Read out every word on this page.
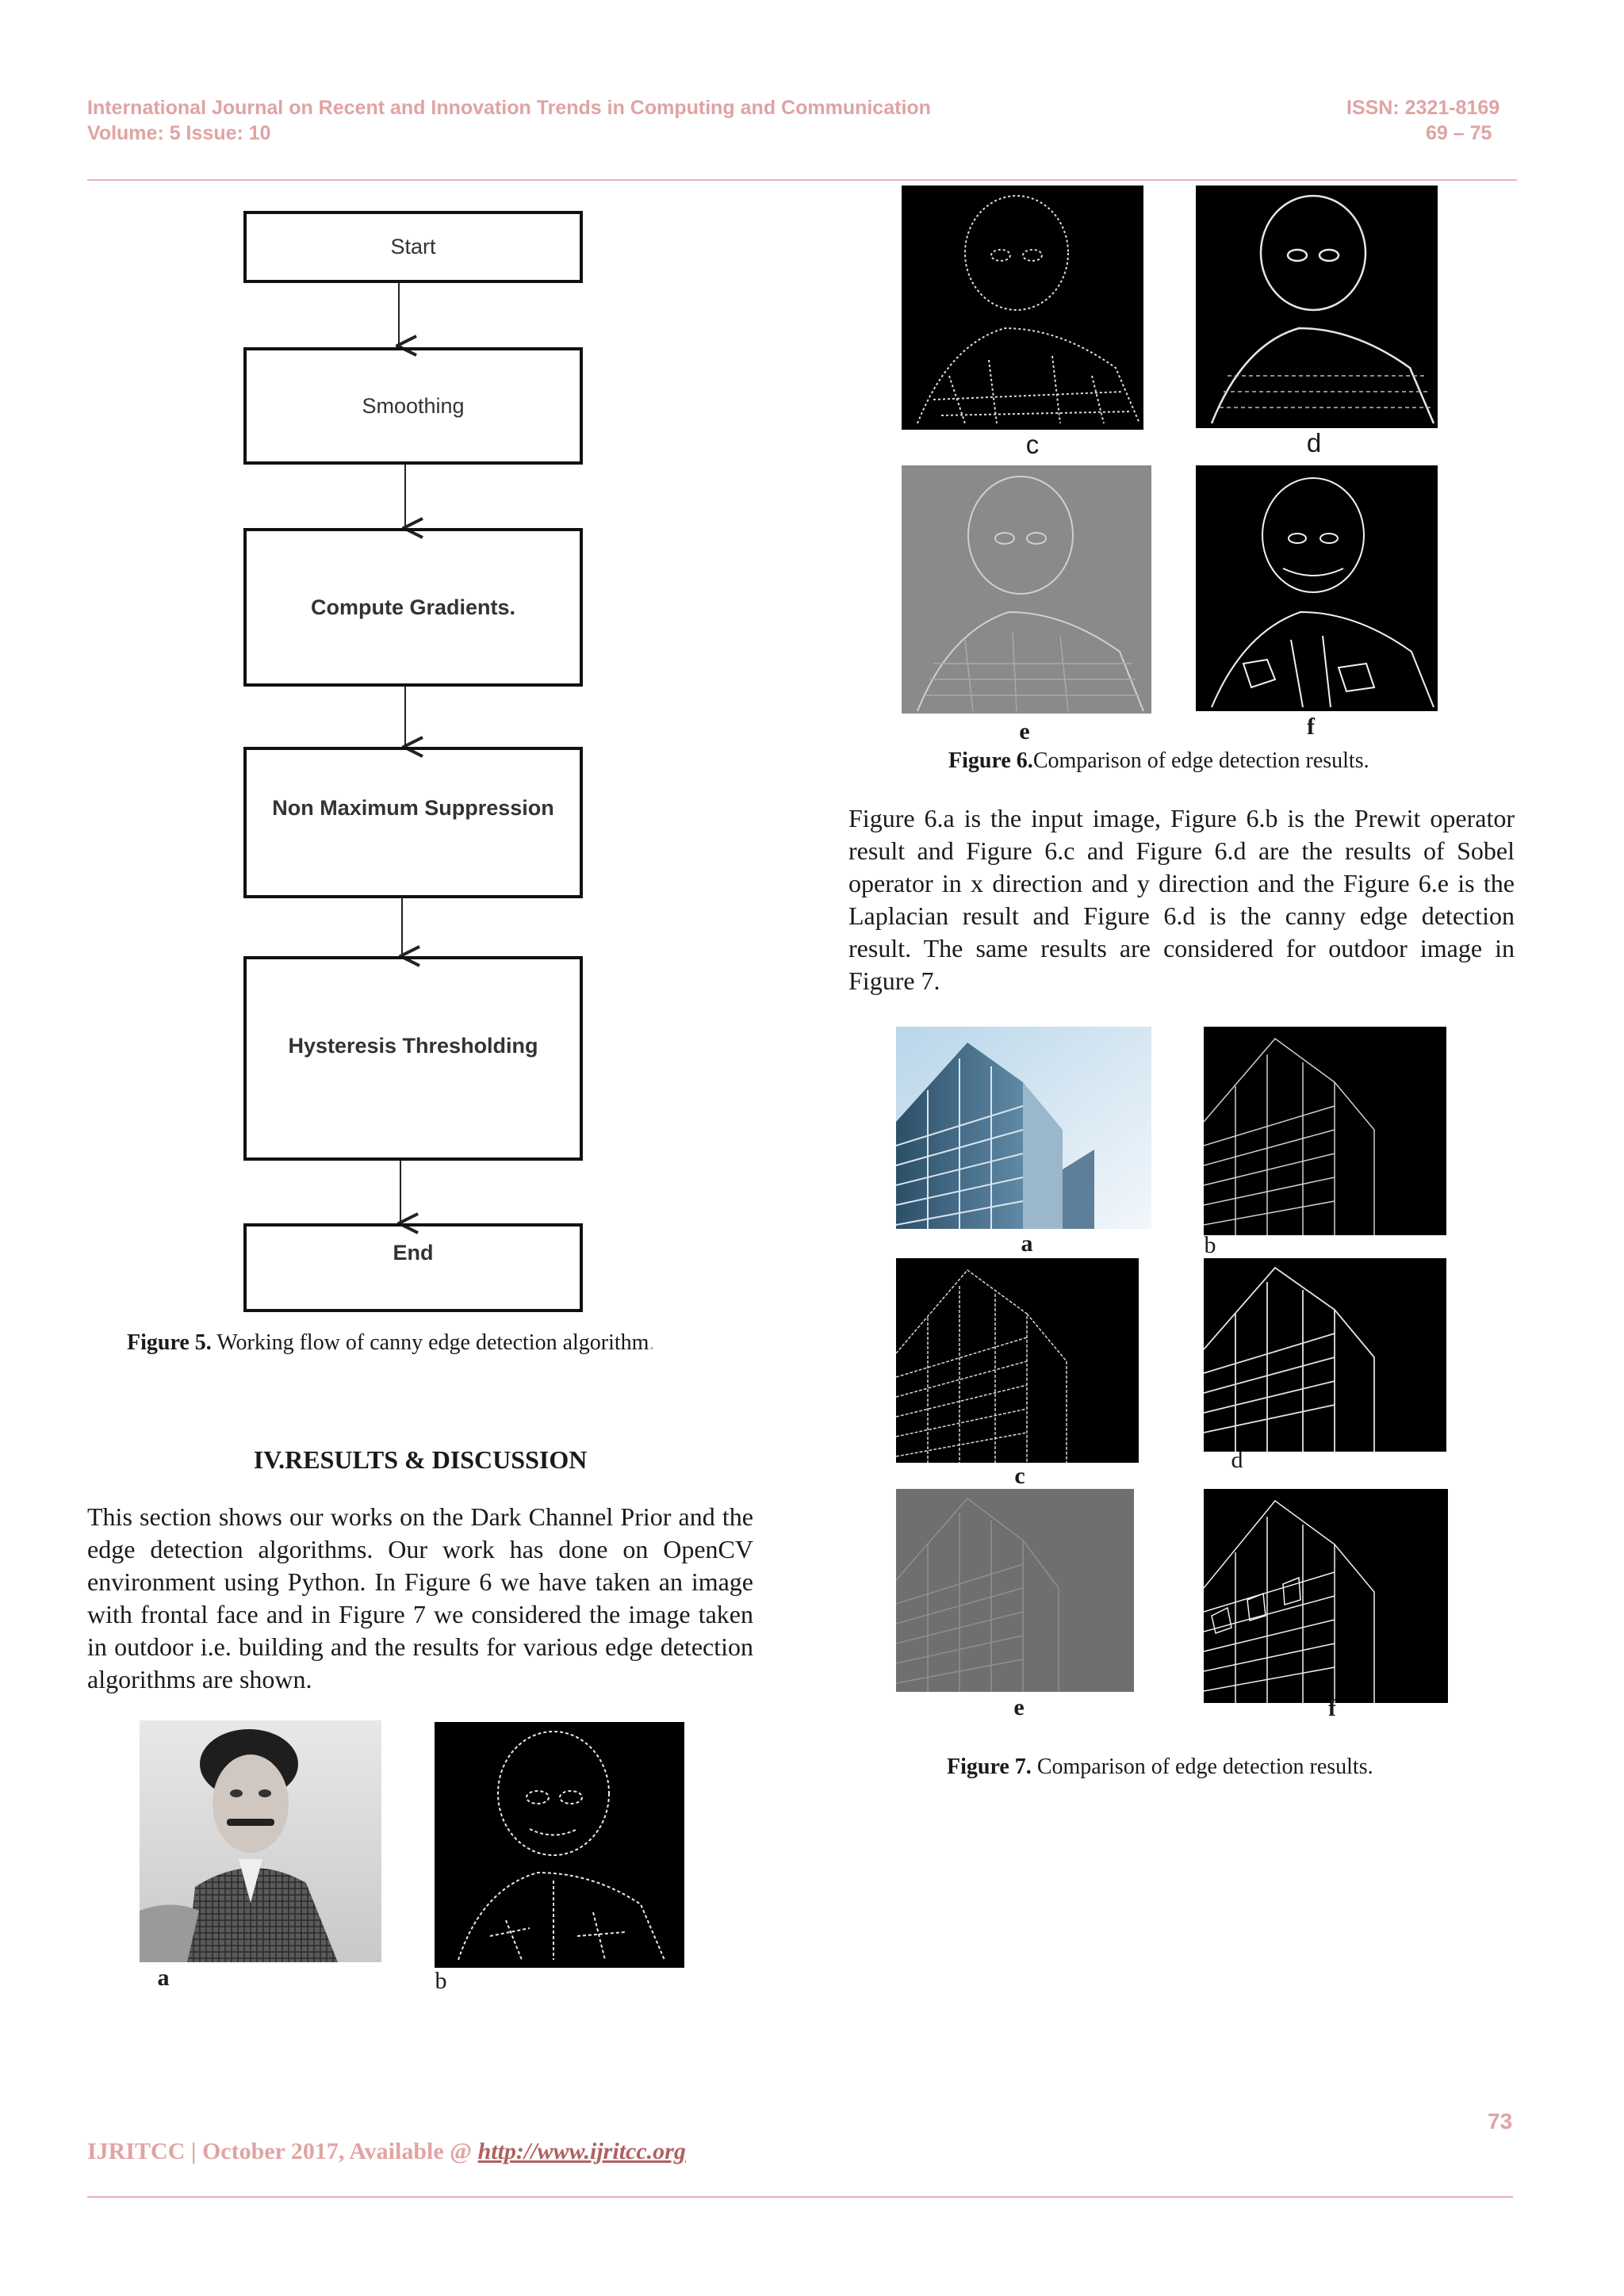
International Journal on Recent and Innovation Trends in Computing and Communication
Volume: 5 Issue: 10
ISSN: 2321-8169
69 – 75
Start
Smoothing
Compute Gradients.
Non Maximum Suppression
Hysteresis Thresholding
End
Figure 5. Working flow of canny edge detection algorithm.
IV.RESULTS & DISCUSSION
This section shows our works on the Dark Channel Prior and the edge detection algorithms. Our work has done on OpenCV environment using Python. In Figure 6 we have taken an image with frontal face and in Figure 7 we considered the image taken in outdoor i.e. building and the results for various edge detection algorithms are shown.
a	b
c	d
e	f
Figure 6.Comparison of edge detection results.
Figure 6.a is the input image, Figure 6.b is the Prewit operator result and Figure 6.c and Figure 6.d are the results of Sobel operator in x direction and y direction and the Figure 6.e is the Laplacian result and Figure 6.d is the canny edge detection result. The same results are considered for outdoor image in Figure 7.
a	b
c
d
e	f
Figure 7. Comparison of edge detection results.
73
IJRITCC | October 2017, Available @ http://www.ijritcc.org
